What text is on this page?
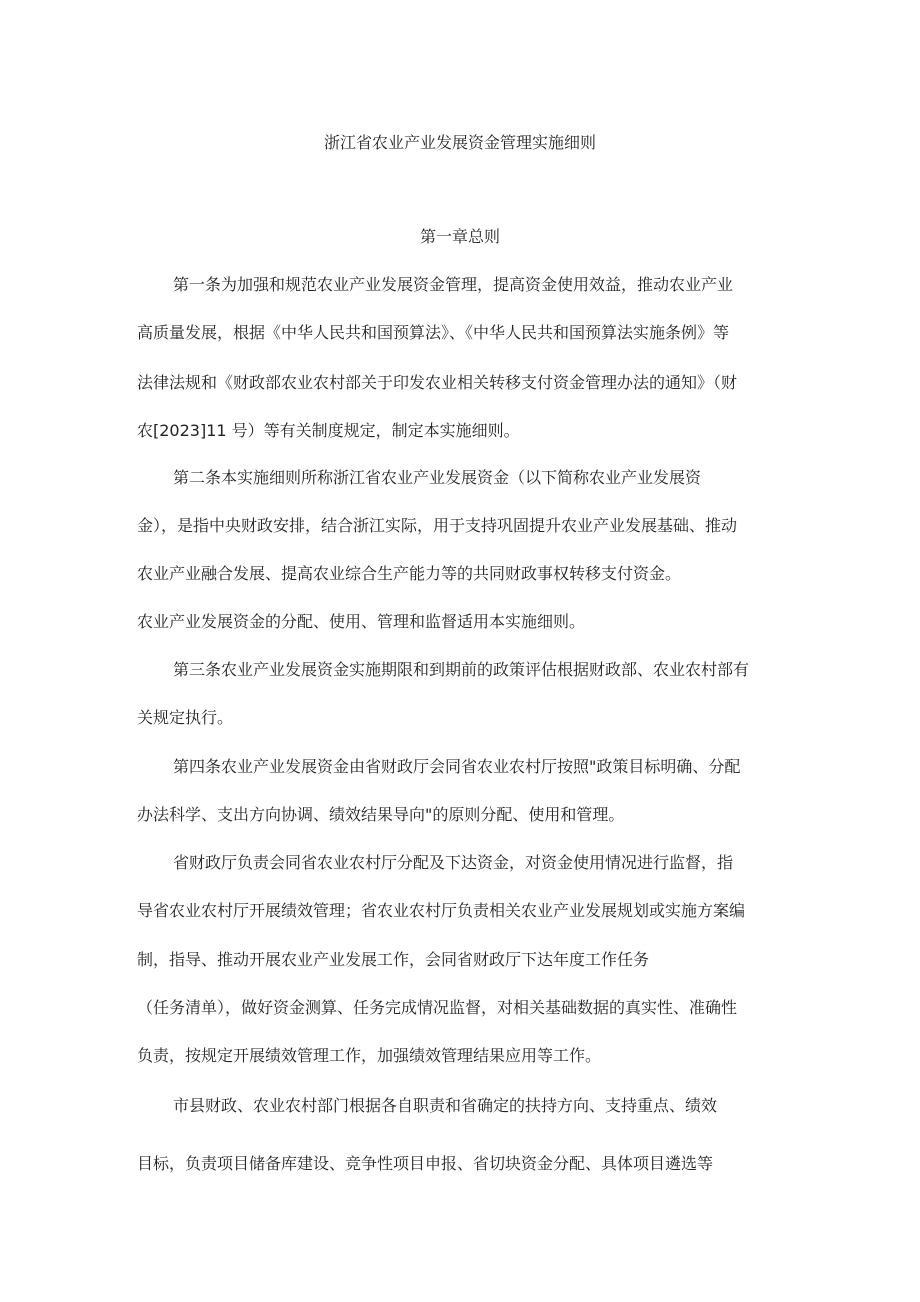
浙江省农业产业发展资金管理实施细则
第一章总则
第一条为加强和规范农业产业发展资金管理，提高资金使用效益，推动农业产业
高质量发展，根据《中华人民共和国预算法》、《中华人民共和国预算法实施条例》等
法律法规和《财政部农业农村部关于印发农业相关转移支付资金管理办法的通知》（财
农[2023]11 号）等有关制度规定，制定本实施细则。
第二条本实施细则所称浙江省农业产业发展资金（以下简称农业产业发展资
金），是指中央财政安排，结合浙江实际，用于支持巩固提升农业产业发展基础、推动
农业产业融合发展、提高农业综合生产能力等的共同财政事权转移支付资金。
农业产业发展资金的分配、使用、管理和监督适用本实施细则。
第三条农业产业发展资金实施期限和到期前的政策评估根据财政部、农业农村部有
关规定执行。
第四条农业产业发展资金由省财政厅会同省农业农村厅按照"政策目标明确、分配
办法科学、支出方向协调、绩效结果导向"的原则分配、使用和管理。
省财政厅负责会同省农业农村厅分配及下达资金，对资金使用情况进行监督，指
导省农业农村厅开展绩效管理；省农业农村厅负责相关农业产业发展规划或实施方案编
制，指导、推动开展农业产业发展工作，会同省财政厅下达年度工作任务
（任务清单），做好资金测算、任务完成情况监督，对相关基础数据的真实性、准确性
负责，按规定开展绩效管理工作，加强绩效管理结果应用等工作。
市县财政、农业农村部门根据各自职责和省确定的扶持方向、支持重点、绩效
目标，负责项目储备库建设、竞争性项目申报、省切块资金分配、具体项目遴选等
